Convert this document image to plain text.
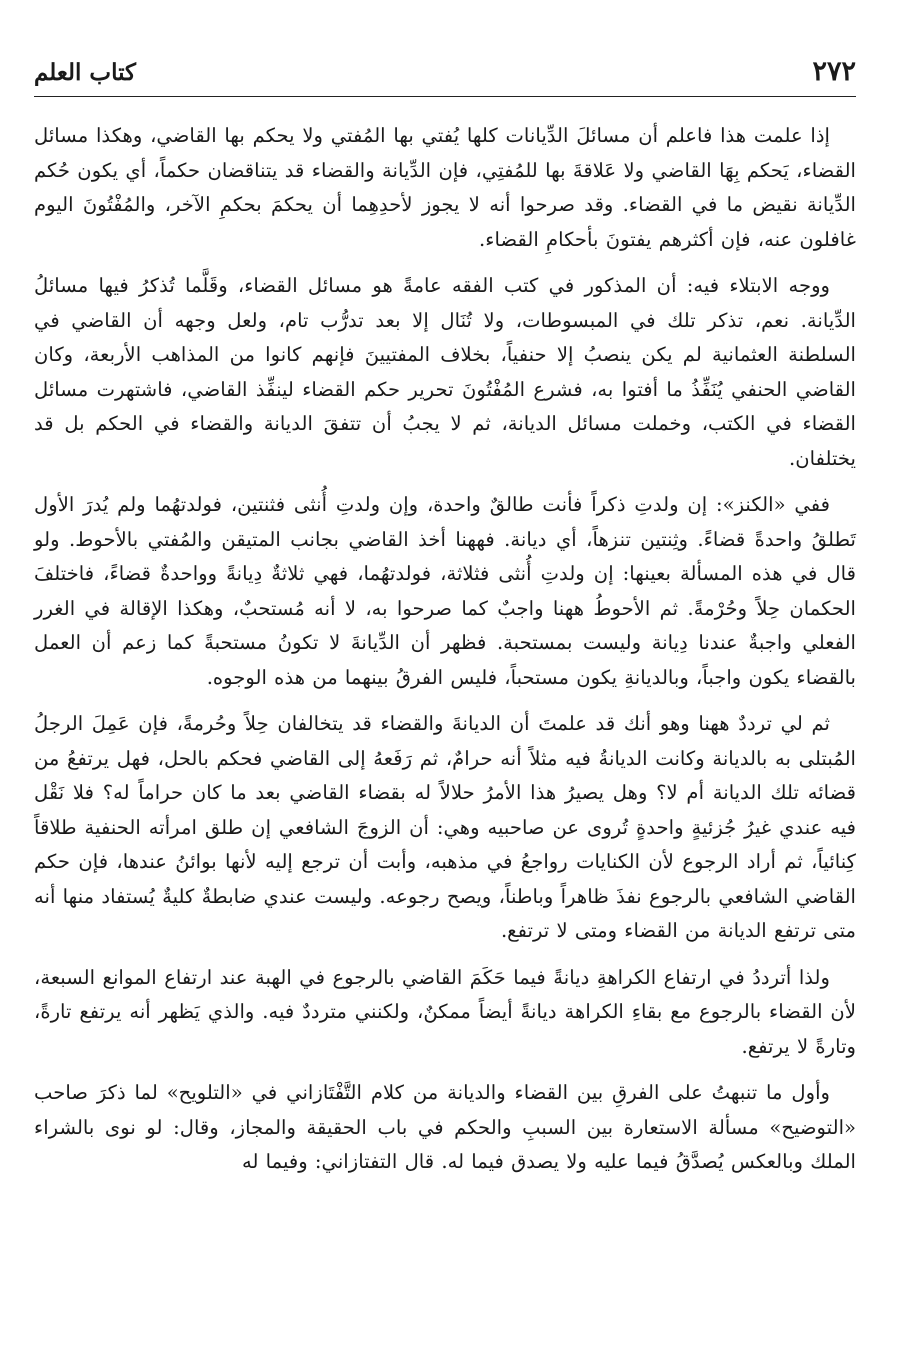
٢٧٢
كتاب العلم

إذا علمت هذا فاعلم أن مسائلَ الدِّيانات كلها يُفتي بها المُفتي ولا يحكم بها القاضي، وهكذا مسائل القضاء، يَحكم بِهَا القاضي ولا عَلاقةَ بها للمُفتِي، فإن الدِّيانة والقضاء قد يتناقضان حكماً، أي يكون حُكم الدِّيانة نقيض ما في القضاء. وقد صرحوا أنه لا يجوز لأحدِهِما أن يحكمَ بحكمِ الآخر، والمُفْتُونَ اليوم غافلون عنه، فإن أكثرهم يفتونَ بأحكامِ القضاء.

ووجه الابتلاء فيه: أن المذكور في كتب الفقه عامةً هو مسائل القضاء، وقَلَّما تُذكرُ فيها مسائلُ الدِّيانة. نعم، تذكر تلك في المبسوطات، ولا تُنَال إلا بعد تدرُّب تام، ولعل وجهه أن القاضي في السلطنة العثمانية لم يكن ينصبُ إلا حنفياً، بخلاف المفتيينَ فإنهم كانوا من المذاهب الأربعة، وكان القاضي الحنفي يُنَفِّذُ ما أفتوا به، فشرع المُفْتُونَ تحرير حكم القضاء لينفِّذ القاضي، فاشتهرت مسائل القضاء في الكتب، وخملت مسائل الديانة، ثم لا يجبُ أن تتفقَ الديانة والقضاء في الحكم بل قد يختلفان.

ففي «الكنز»: إن ولدتِ ذكراً فأنت طالقٌ واحدة، وإن ولدتِ أُنثى فثنتين، فولدتهُما ولم يُدرَ الأول تَطلقُ واحدةً قضاءً. وثِنتين تنزهاً، أي ديانة. فههنا أخذ القاضي بجانب المتيقن والمُفتي بالأحوط. ولو قال في هذه المسألة بعينها: إن ولدتِ أُنثى فثلاثة، فولدتهُما، فهي ثلاثةٌ دِيانةً وواحدةٌ قضاءً، فاختلفَ الحكمان حِلاً وحُرْمةً. ثم الأحوطُ ههنا واجبٌ كما صرحوا به، لا أنه مُستحبٌ، وهكذا الإقالة في الغرر الفعلي واجبةٌ عندنا دِيانة وليست بمستحبة. فظهر أن الدِّيانةَ لا تكونُ مستحبةً كما زعم أن العمل بالقضاء يكون واجباً، وبالديانةِ يكون مستحباً، فليس الفرقُ بينهما من هذه الوجوه.

ثم لي ترددٌ ههنا وهو أنك قد علمتَ أن الديانةَ والقضاء قد يتخالفان حِلاً وحُرمةً، فإن عَمِلَ الرجلُ المُبتلى به بالديانة وكانت الديانةُ فيه مثلاً أنه حرامٌ، ثم رَفَعهُ إلى القاضي فحكم بالحل، فهل يرتفعُ من قضائه تلك الديانة أم لا؟ وهل يصيرُ هذا الأمرُ حلالاً له بقضاء القاضي بعد ما كان حراماً له؟ فلا نَقْل فيه عندي غيرُ جُزئيةٍ واحدةٍ تُروى عن صاحبيه وهي: أن الزوجَ الشافعي إن طلق امرأته الحنفية طلاقاً كِنائياً، ثم أراد الرجوع لأن الكنايات رواجعُ في مذهبه، وأبت أن ترجع إليه لأنها بوائنُ عندها، فإن حكم القاضي الشافعي بالرجوع نفذَ ظاهراً وباطناً، ويصح رجوعه. وليست عندي ضابطةٌ كليةٌ يُستفاد منها أنه متى ترتفع الديانة من القضاء ومتى لا ترتفع.

ولذا أترددُ في ارتفاع الكراهةِ ديانةً فيما حَكَمَ القاضي بالرجوع في الهبة عند ارتفاع الموانع السبعة، لأن القضاء بالرجوع مع بقاءِ الكراهة ديانةً أيضاً ممكنٌ، ولكنني مترددٌ فيه. والذي يَظهر أنه يرتفع تارةً، وتارةً لا يرتفع.

وأول ما تنبهتُ على الفرقِ بين القضاء والديانة من كلام التَّفْتَازاني في «التلويح» لما ذكرَ صاحب «التوضيح» مسألة الاستعارة بين السببِ والحكم في باب الحقيقة والمجاز، وقال: لو نوى بالشراء الملك وبالعكس يُصدَّقُ فيما عليه ولا يصدق فيما له. قال التفتازاني: وفيما له
